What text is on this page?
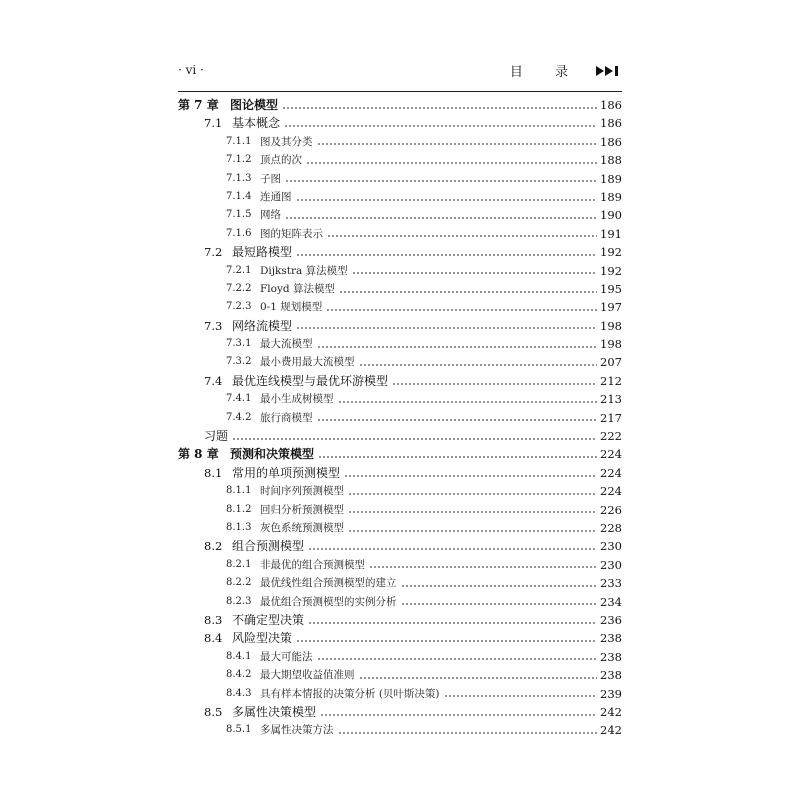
· vi ·	目 录
第 7 章 图论模型	186
7.1 基本概念	186
7.1.1 图及其分类	186
7.1.2 顶点的次	188
7.1.3 子图	189
7.1.4 连通图	189
7.1.5 网络	190
7.1.6 图的矩阵表示	191
7.2 最短路模型	192
7.2.1 Dijkstra 算法模型	192
7.2.2 Floyd 算法模型	195
7.2.3 0-1 规划模型	197
7.3 网络流模型	198
7.3.1 最大流模型	198
7.3.2 最小费用最大流模型	207
7.4 最优连线模型与最优环游模型	212
7.4.1 最小生成树模型	213
7.4.2 旅行商模型	217
习题	222
第 8 章 预测和决策模型	224
8.1 常用的单项预测模型	224
8.1.1 时间序列预测模型	224
8.1.2 回归分析预测模型	226
8.1.3 灰色系统预测模型	228
8.2 组合预测模型	230
8.2.1 非最优的组合预测模型	230
8.2.2 最优线性组合预测模型的建立	233
8.2.3 最优组合预测模型的实例分析	234
8.3 不确定型决策	236
8.4 风险型决策	238
8.4.1 最大可能法	238
8.4.2 最大期望收益值准则	238
8.4.3 具有样本情报的决策分析 (贝叶斯决策)	239
8.5 多属性决策模型	242
8.5.1 多属性决策方法	242
